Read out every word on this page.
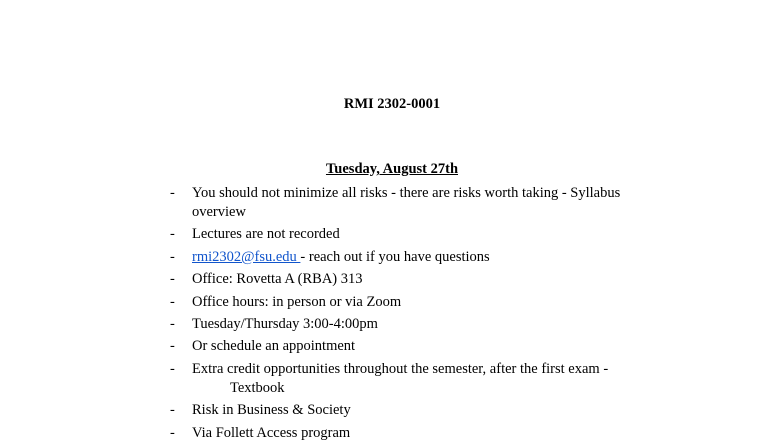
RMI 2302-0001
Tuesday, August 27th
- You should not minimize all risks - there are risks worth taking - Syllabus overview
- Lectures are not recorded
- rmi2302@fsu.edu - reach out if you have questions
- Office: Rovetta A (RBA) 313
- Office hours: in person or via Zoom
- Tuesday/Thursday 3:00-4:00pm
- Or schedule an appointment
- Extra credit opportunities throughout the semester, after the first exam -
Textbook
- Risk in Business & Society
- Via Follett Access program
